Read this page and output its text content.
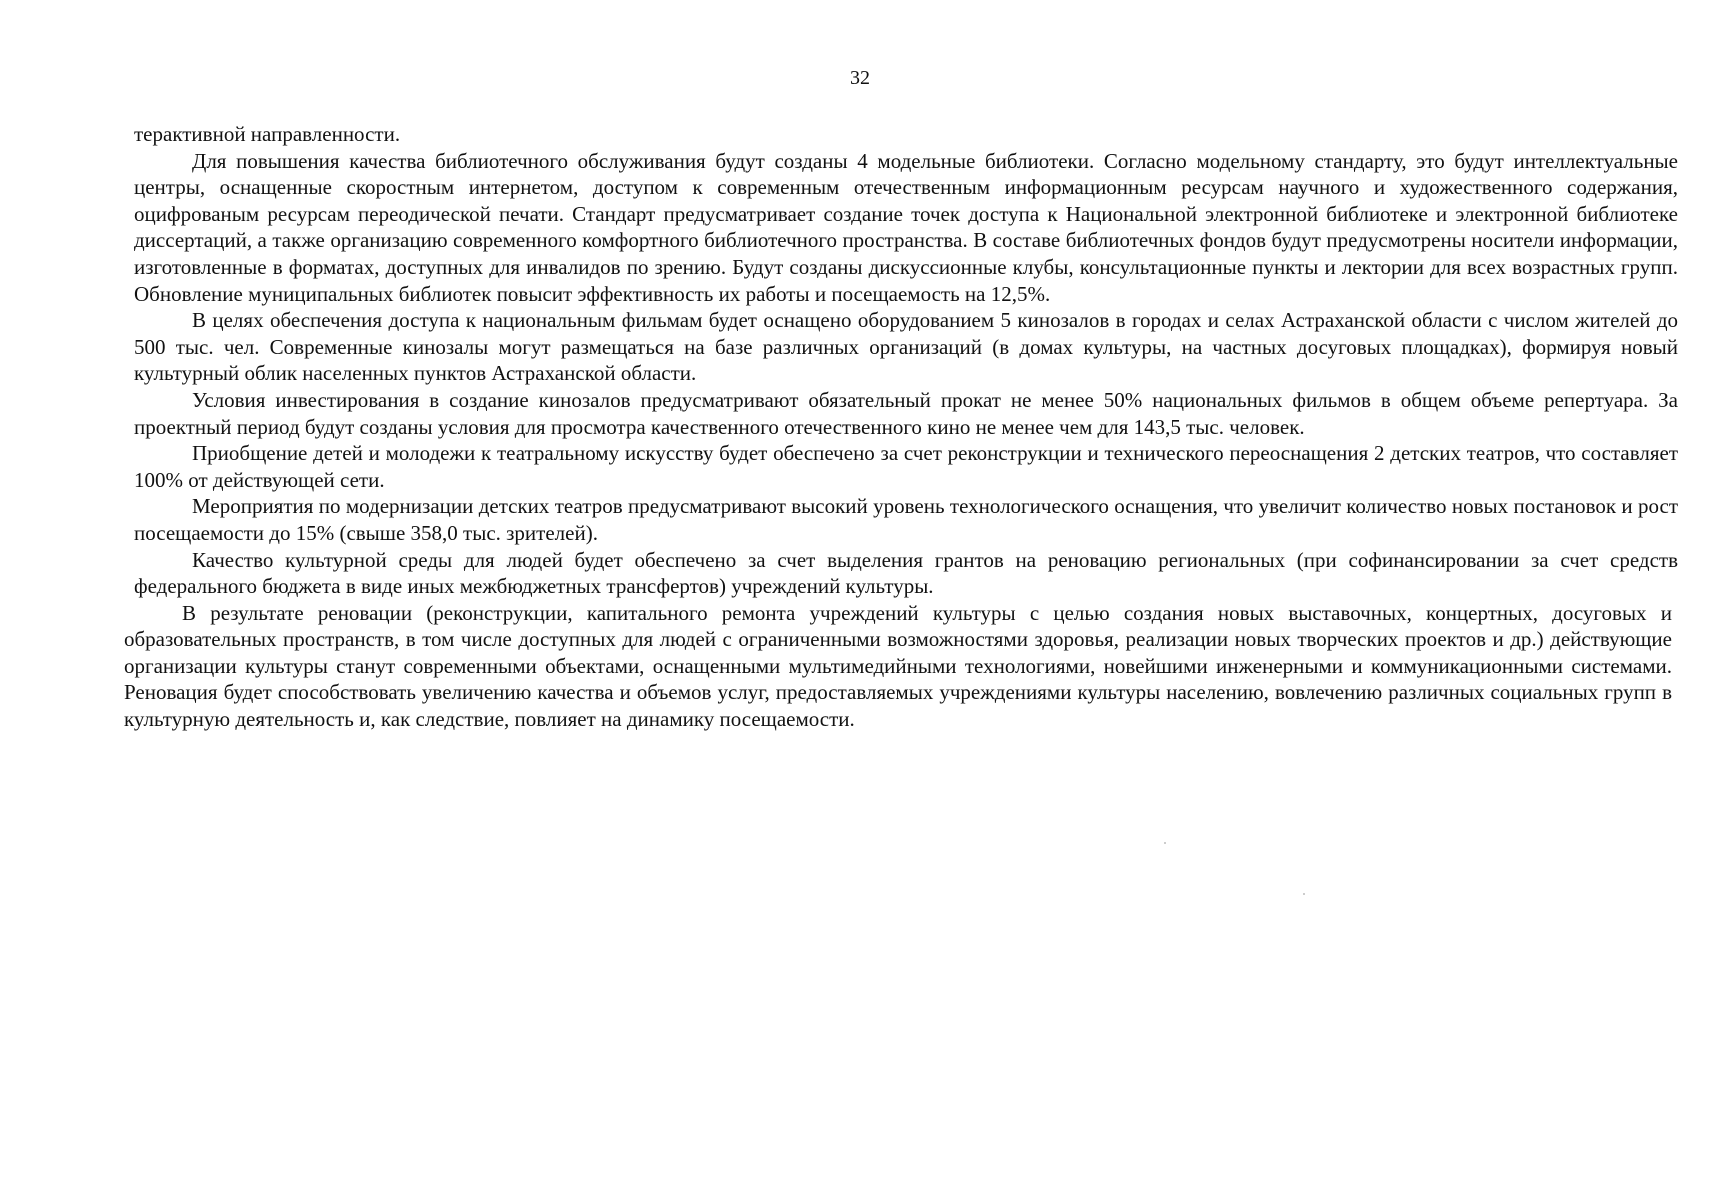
32

терактивной направленности.

Для повышения качества библиотечного обслуживания будут созданы 4 модельные библиотеки. Согласно модельному стандарту, это будут интеллектуальные центры, оснащенные скоростным интернетом, доступом к современным отечественным информационным ресурсам научного и художественного содержания, оцифрованым ресурсам переодической печати. Стандарт предусматривает создание точек доступа к Национальной электронной библиотеке и электронной библиотеке диссертаций, а также организацию современного комфортного библиотечного пространства. В составе библиотечных фондов будут предусмотрены носители информации, изготовленные в форматах, доступных для инвалидов по зрению. Будут созданы дискуссионные клубы, консультационные пункты и лектории для всех возрастных групп. Обновление муниципальных библиотек повысит эффективность их работы и посещаемость на 12,5%.

В целях обеспечения доступа к национальным фильмам будет оснащено оборудованием 5 кинозалов в городах и селах Астраханской области с числом жителей до 500 тыс. чел. Современные кинозалы могут размещаться на базе различных организаций (в домах культуры, на частных досуговых площадках), формируя новый культурный облик населенных пунктов Астраханской области.

Условия инвестирования в создание кинозалов предусматривают обязательный прокат не менее 50% национальных фильмов в общем объеме репертуара. За проектный период будут созданы условия для просмотра качественного отечественного кино не менее чем для 143,5 тыс. человек.

Приобщение детей и молодежи к театральному искусству будет обеспечено за счет реконструкции и технического переоснащения 2 детских театров, что составляет 100% от действующей сети.

Мероприятия по модернизации детских театров предусматривают высокий уровень технологического оснащения, что увеличит количество новых постановок и рост посещаемости до 15% (свыше 358,0 тыс. зрителей).

Качество культурной среды для людей будет обеспечено за счет выделения грантов на реновацию региональных (при софинансировании за счет средств федерального бюджета в виде иных межбюджетных трансфертов) учреждений культуры.

В результате реновации (реконструкции, капитального ремонта учреждений культуры с целью создания новых выставочных, концертных, досуговых и образовательных пространств, в том числе доступных для людей с ограниченными возможностями здоровья, реализации новых творческих проектов и др.) действующие организации культуры станут современными объектами, оснащенными мультимедийными технологиями, новейшими инженерными и коммуникационными системами. Реновация будет способствовать увеличению качества и объемов услуг, предоставляемых учреждениями культуры населению, вовлечению различных социальных групп в культурную деятельность и, как следствие, повлияет на динамику посещаемости.
